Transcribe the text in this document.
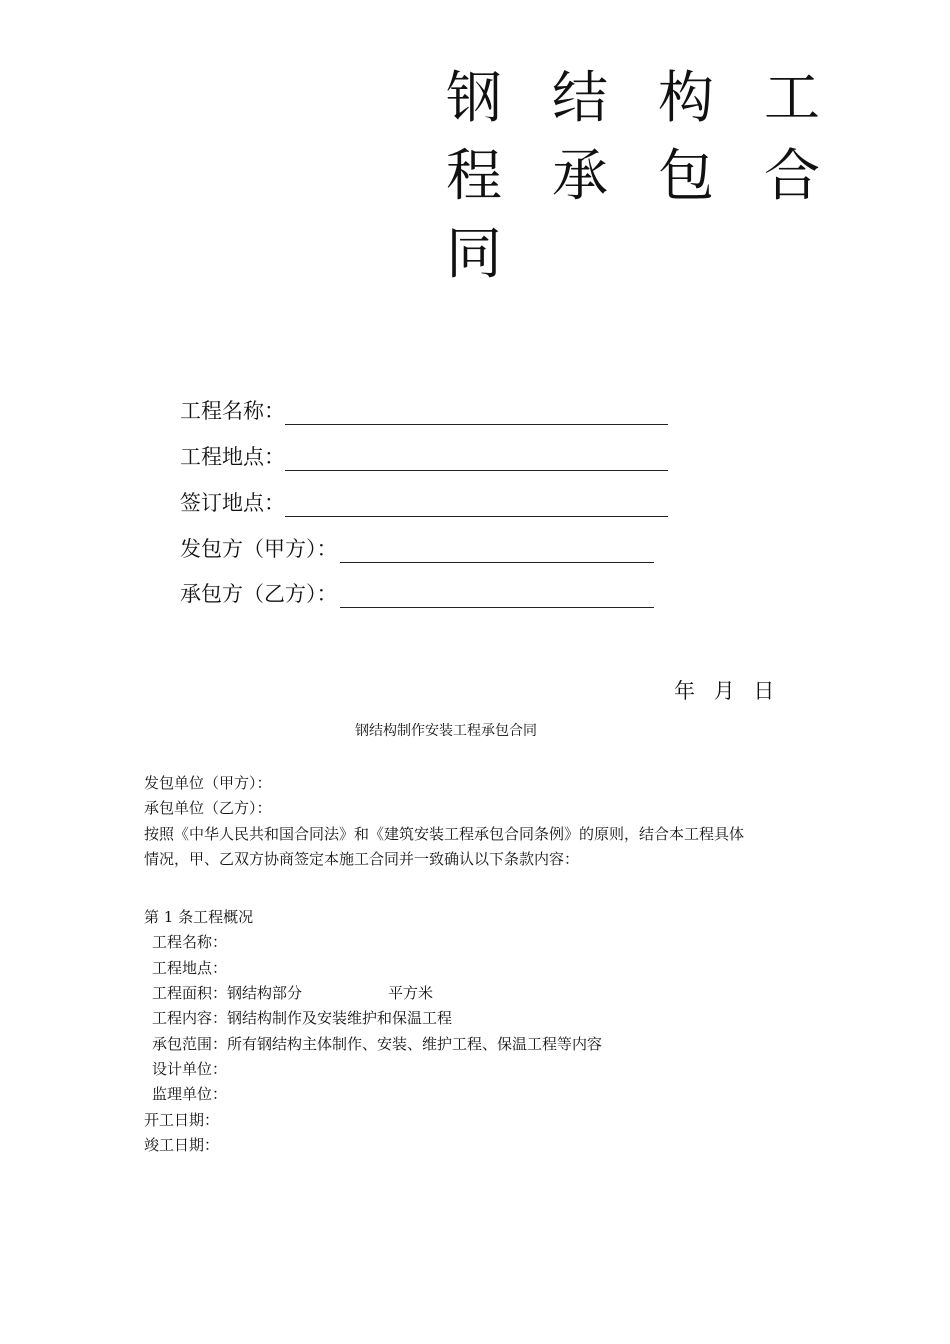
钢 结 构 工
程 承 包 合
同
工程名称：
工程地点：
签订地点：
发包方（甲方）：
承包方（乙方）：
年 月 日
钢结构制作安装工程承包合同
发包单位（甲方）：
承包单位（乙方）：
按照《中华人民共和国合同法》和《建筑安装工程承包合同条例》的原则，结合本工程具体
情况，甲、乙双方协商签定本施工合同并一致确认以下条款内容：
第 1 条工程概况
工程名称：
工程地点：
工程面积：钢结构部分	平方米
工程内容：钢结构制作及安装维护和保温工程
承包范围：所有钢结构主体制作、安装、维护工程、保温工程等内容
设计单位：
监理单位：
开工日期：
竣工日期：
